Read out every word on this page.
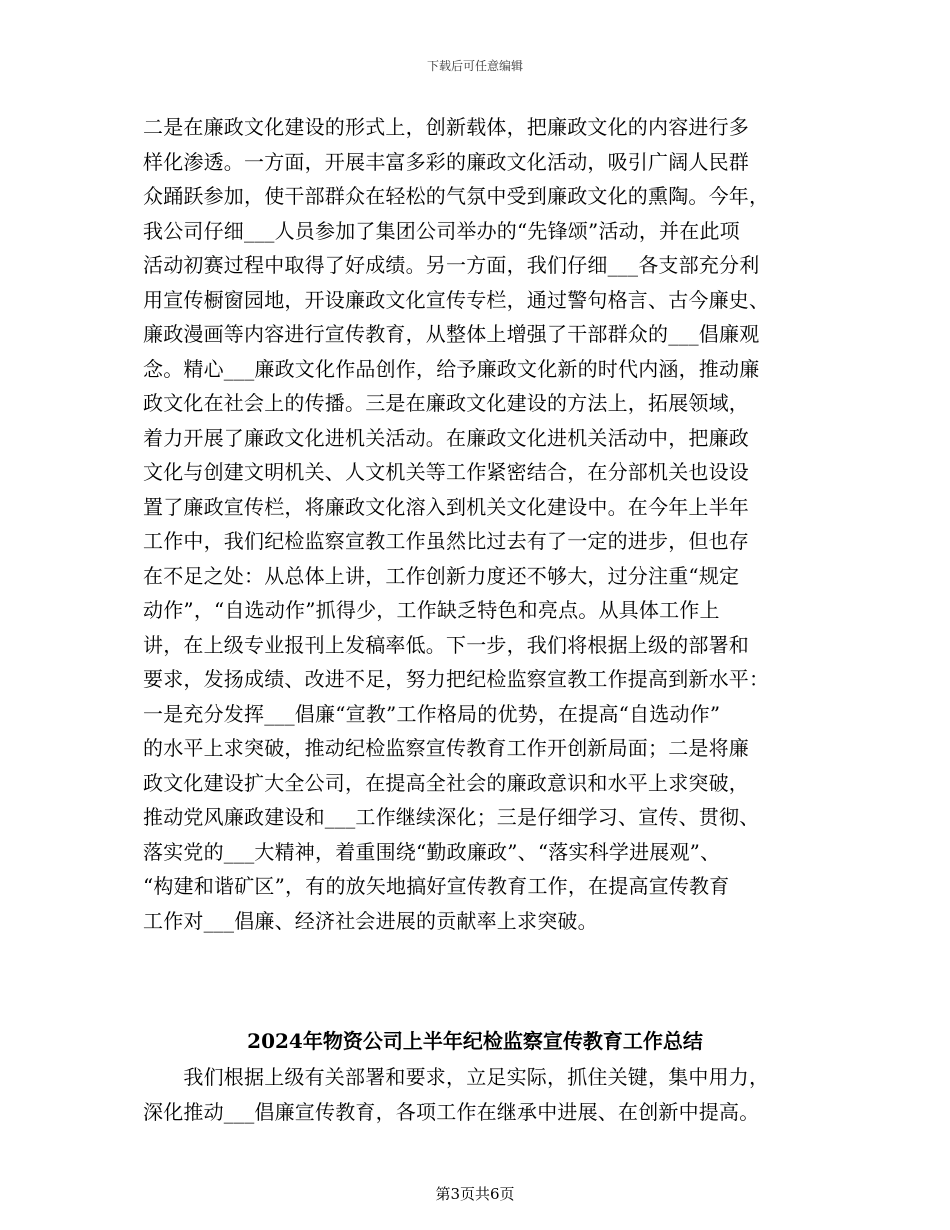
下载后可任意编辑
二是在廉政文化建设的形式上，创新载体，把廉政文化的内容进行多
样化渗透。一方面，开展丰富多彩的廉政文化活动，吸引广阔人民群
众踊跃参加，使干部群众在轻松的气氛中受到廉政文化的熏陶。今年，
我公司仔细___人员参加了集团公司举办的“先锋颂”活动，并在此项
活动初赛过程中取得了好成绩。另一方面，我们仔细___各支部充分利
用宣传橱窗园地，开设廉政文化宣传专栏，通过警句格言、古今廉史、
廉政漫画等内容进行宣传教育，从整体上增强了干部群众的___倡廉观
念。精心___廉政文化作品创作，给予廉政文化新的时代内涵，推动廉
政文化在社会上的传播。三是在廉政文化建设的方法上，拓展领域，
着力开展了廉政文化进机关活动。在廉政文化进机关活动中，把廉政
文化与创建文明机关、人文机关等工作紧密结合，在分部机关也设设
置了廉政宣传栏，将廉政文化溶入到机关文化建设中。在今年上半年
工作中，我们纪检监察宣教工作虽然比过去有了一定的进步，但也存
在不足之处：从总体上讲，工作创新力度还不够大，过分注重“规定
动作”，“自选动作”抓得少，工作缺乏特色和亮点。从具体工作上
讲，在上级专业报刊上发稿率低。下一步，我们将根据上级的部署和
要求，发扬成绩、改进不足，努力把纪检监察宣教工作提高到新水平：
一是充分发挥___倡廉“宣教”工作格局的优势，在提高“自选动作”
的水平上求突破，推动纪检监察宣传教育工作开创新局面；二是将廉
政文化建设扩大全公司，在提高全社会的廉政意识和水平上求突破，
推动党风廉政建设和___工作继续深化；三是仔细学习、宣传、贯彻、
落实党的___大精神，着重围绕“勤政廉政”、“落实科学进展观”、
“构建和谐矿区”，有的放矢地搞好宣传教育工作，在提高宣传教育
工作对___倡廉、经济社会进展的贡献率上求突破。
2024年物资公司上半年纪检监察宣传教育工作总结
　　我们根据上级有关部署和要求，立足实际，抓住关键，集中用力，
深化推动___倡廉宣传教育，各项工作在继承中进展、在创新中提高。
第3页共6页
